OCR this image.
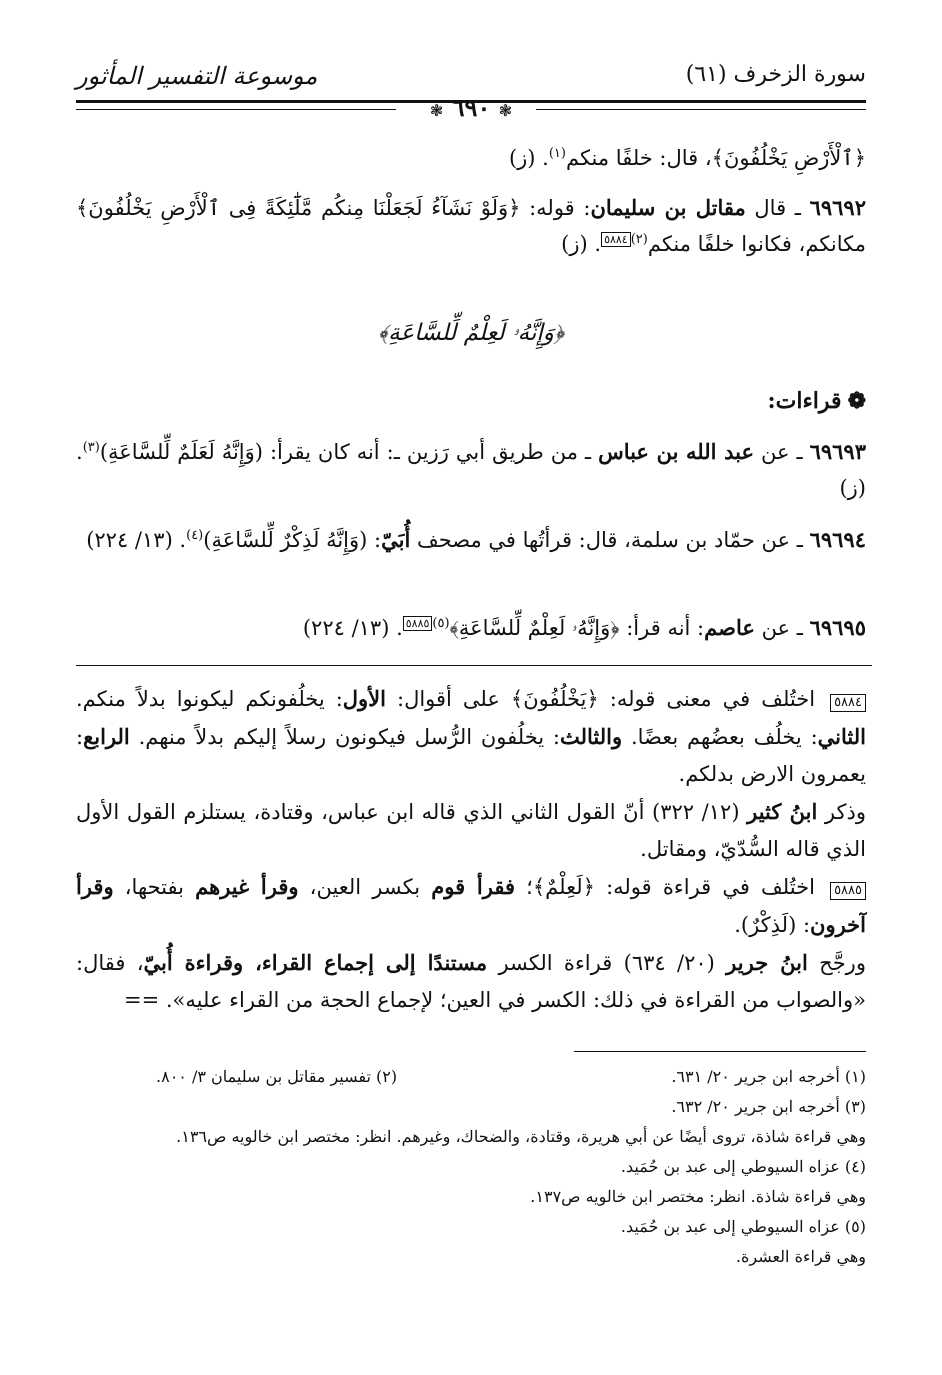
سورة الزخرف (٦١)
موسوعة التفسير المأثور
❃ ٦٩٠ ❃
﴿ٱلْأَرْضِ يَخْلُفُونَ﴾، قال: خلفًا منكم$^{(١)}$. (ز)
٦٩٦٩٢ ـ قال مقاتل بن سليمان: قوله: ﴿وَلَوْ نَشَآءُ لَجَعَلْنَا مِنكُم مَّلَٰٓئِكَةً فِى ٱلْأَرْضِ يَخْلُفُونَ﴾ مكانكم، فكانوا خلفًا منكم$^{(٢)}$٥٨٨٤. (ز)
﴿وَإِنَّهُۥ لَعِلْمٌ لِّلسَّاعَةِ﴾
❁قراءات:
٦٩٦٩٣ ـ عن عبد الله بن عباس ـ من طريق أبي رَزين ـ: أنه كان يقرأ: (وَإِنَّهُ لَعَلَمٌ لِّلسَّاعَةِ)$^{(٣)}$. (ز)
٦٩٦٩٤ ـ عن حمّاد بن سلمة، قال: قرأتُها في مصحف أُبَيّ: (وَإِنَّهُ لَذِكْرٌ لِّلسَّاعَةِ)$^{(٤)}$. (١٣/ ٢٢٤)
٦٩٦٩٥ ـ عن عاصم: أنه قرأ: ﴿وَإِنَّهُۥ لَعِلْمٌ لِّلسَّاعَةِ﴾$^{(٥)}$٥٨٨٥. (١٣/ ٢٢٤)

٥٨٨٤ اختُلف في معنى قوله: ﴿يَخْلُفُونَ﴾ على أقوال: الأول: يخلُفونكم ليكونوا بدلاً منكم. الثاني: يخلُف بعضُهم بعضًا. والثالث: يخلُفون الرُّسل فيكونون رسلاً إليكم بدلاً منهم. الرابع: يعمرون الارض بدلكم.

وذكر ابنُ كثير (١٢/ ٣٢٢) أنّ القول الثاني الذي قاله ابن عباس، وقتادة، يستلزم القول الأول الذي قاله السُّدّيّ، ومقاتل.

٥٨٨٥ اختُلف في قراءة قوله: ﴿لَعِلْمٌ﴾؛ فقرأ قوم بكسر العين، وقرأ غيرهم بفتحها، وقرأ آخرون: (لَذِكْرٌ).

ورجَّح ابنُ جرير (٢٠/ ٦٣٤) قراءة الكسر مستندًا إلى إجماع القراء، وقراءة أُبيّ، فقال: «والصواب من القراءة في ذلك: الكسر في العين؛ لإجماع الحجة من القراء عليه». ==

(١) أخرجه ابن جرير ٢٠/ ٦٣١.
(٢) تفسير مقاتل بن سليمان ٣/ ٨٠٠.

(٣) أخرجه ابن جرير ٢٠/ ٦٣٢.

وهي قراءة شاذة، تروى أيضًا عن أبي هريرة، وقتادة، والضحاك، وغيرهم. انظر: مختصر ابن خالويه ص١٣٦.

(٤) عزاه السيوطي إلى عبد بن حُمَيد.

وهي قراءة شاذة. انظر: مختصر ابن خالويه ص١٣٧.

(٥) عزاه السيوطي إلى عبد بن حُمَيد.

وهي قراءة العشرة.
